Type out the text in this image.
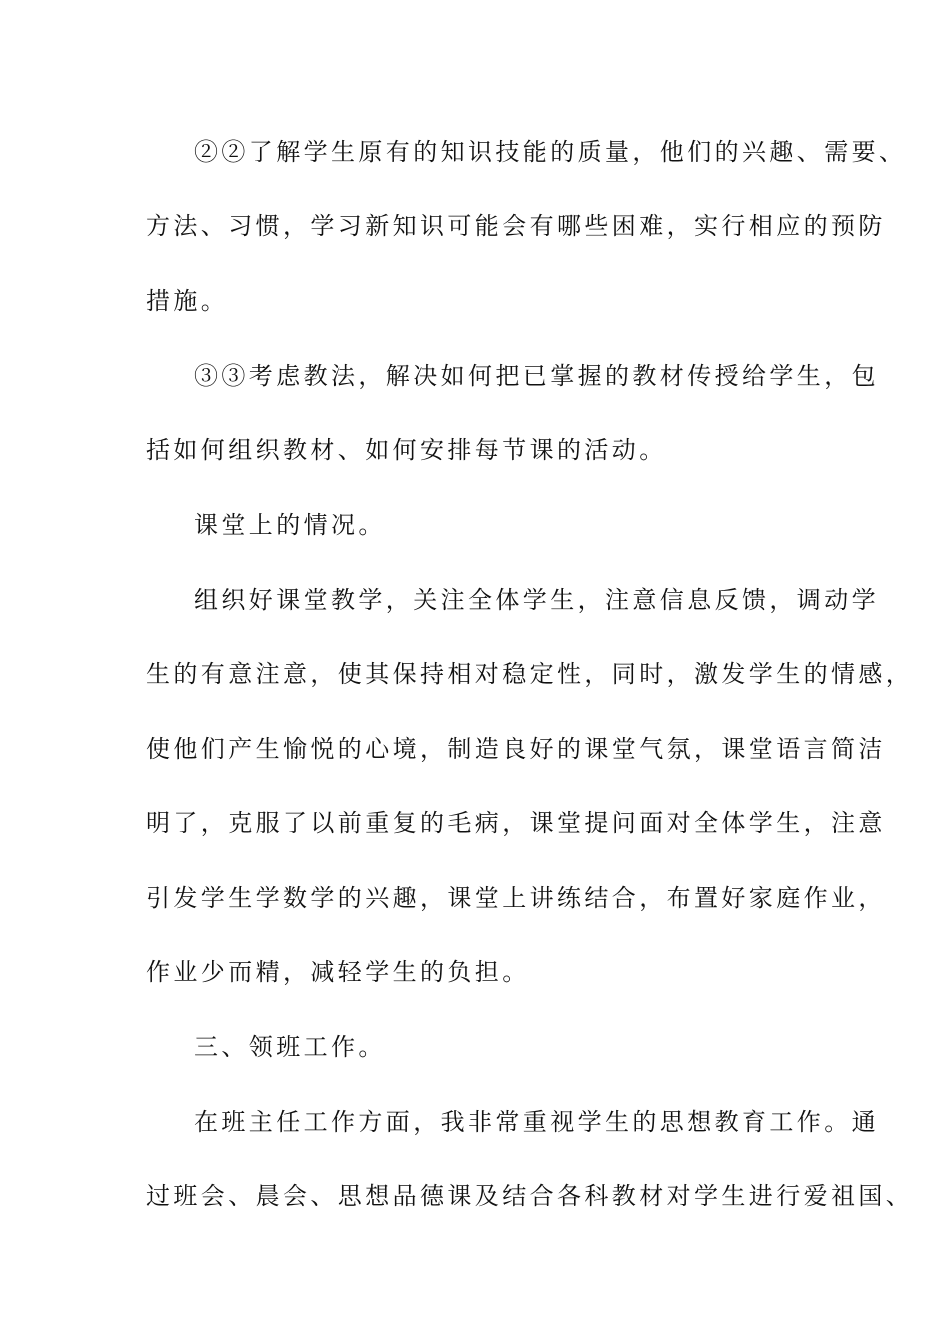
②②了解学生原有的知识技能的质量，他们的兴趣、需要、
方法、习惯，学习新知识可能会有哪些困难，实行相应的预防
措施。
③③考虑教法，解决如何把已掌握的教材传授给学生，包
括如何组织教材、如何安排每节课的活动。
课堂上的情况。
组织好课堂教学，关注全体学生，注意信息反馈，调动学
生的有意注意，使其保持相对稳定性，同时，激发学生的情感，
使他们产生愉悦的心境，制造良好的课堂气氛，课堂语言简洁
明了，克服了以前重复的毛病，课堂提问面对全体学生，注意
引发学生学数学的兴趣，课堂上讲练结合，布置好家庭作业，
作业少而精，减轻学生的负担。
三、领班工作。
在班主任工作方面，我非常重视学生的思想教育工作。通
过班会、晨会、思想品德课及结合各科教材对学生进行爱祖国、
